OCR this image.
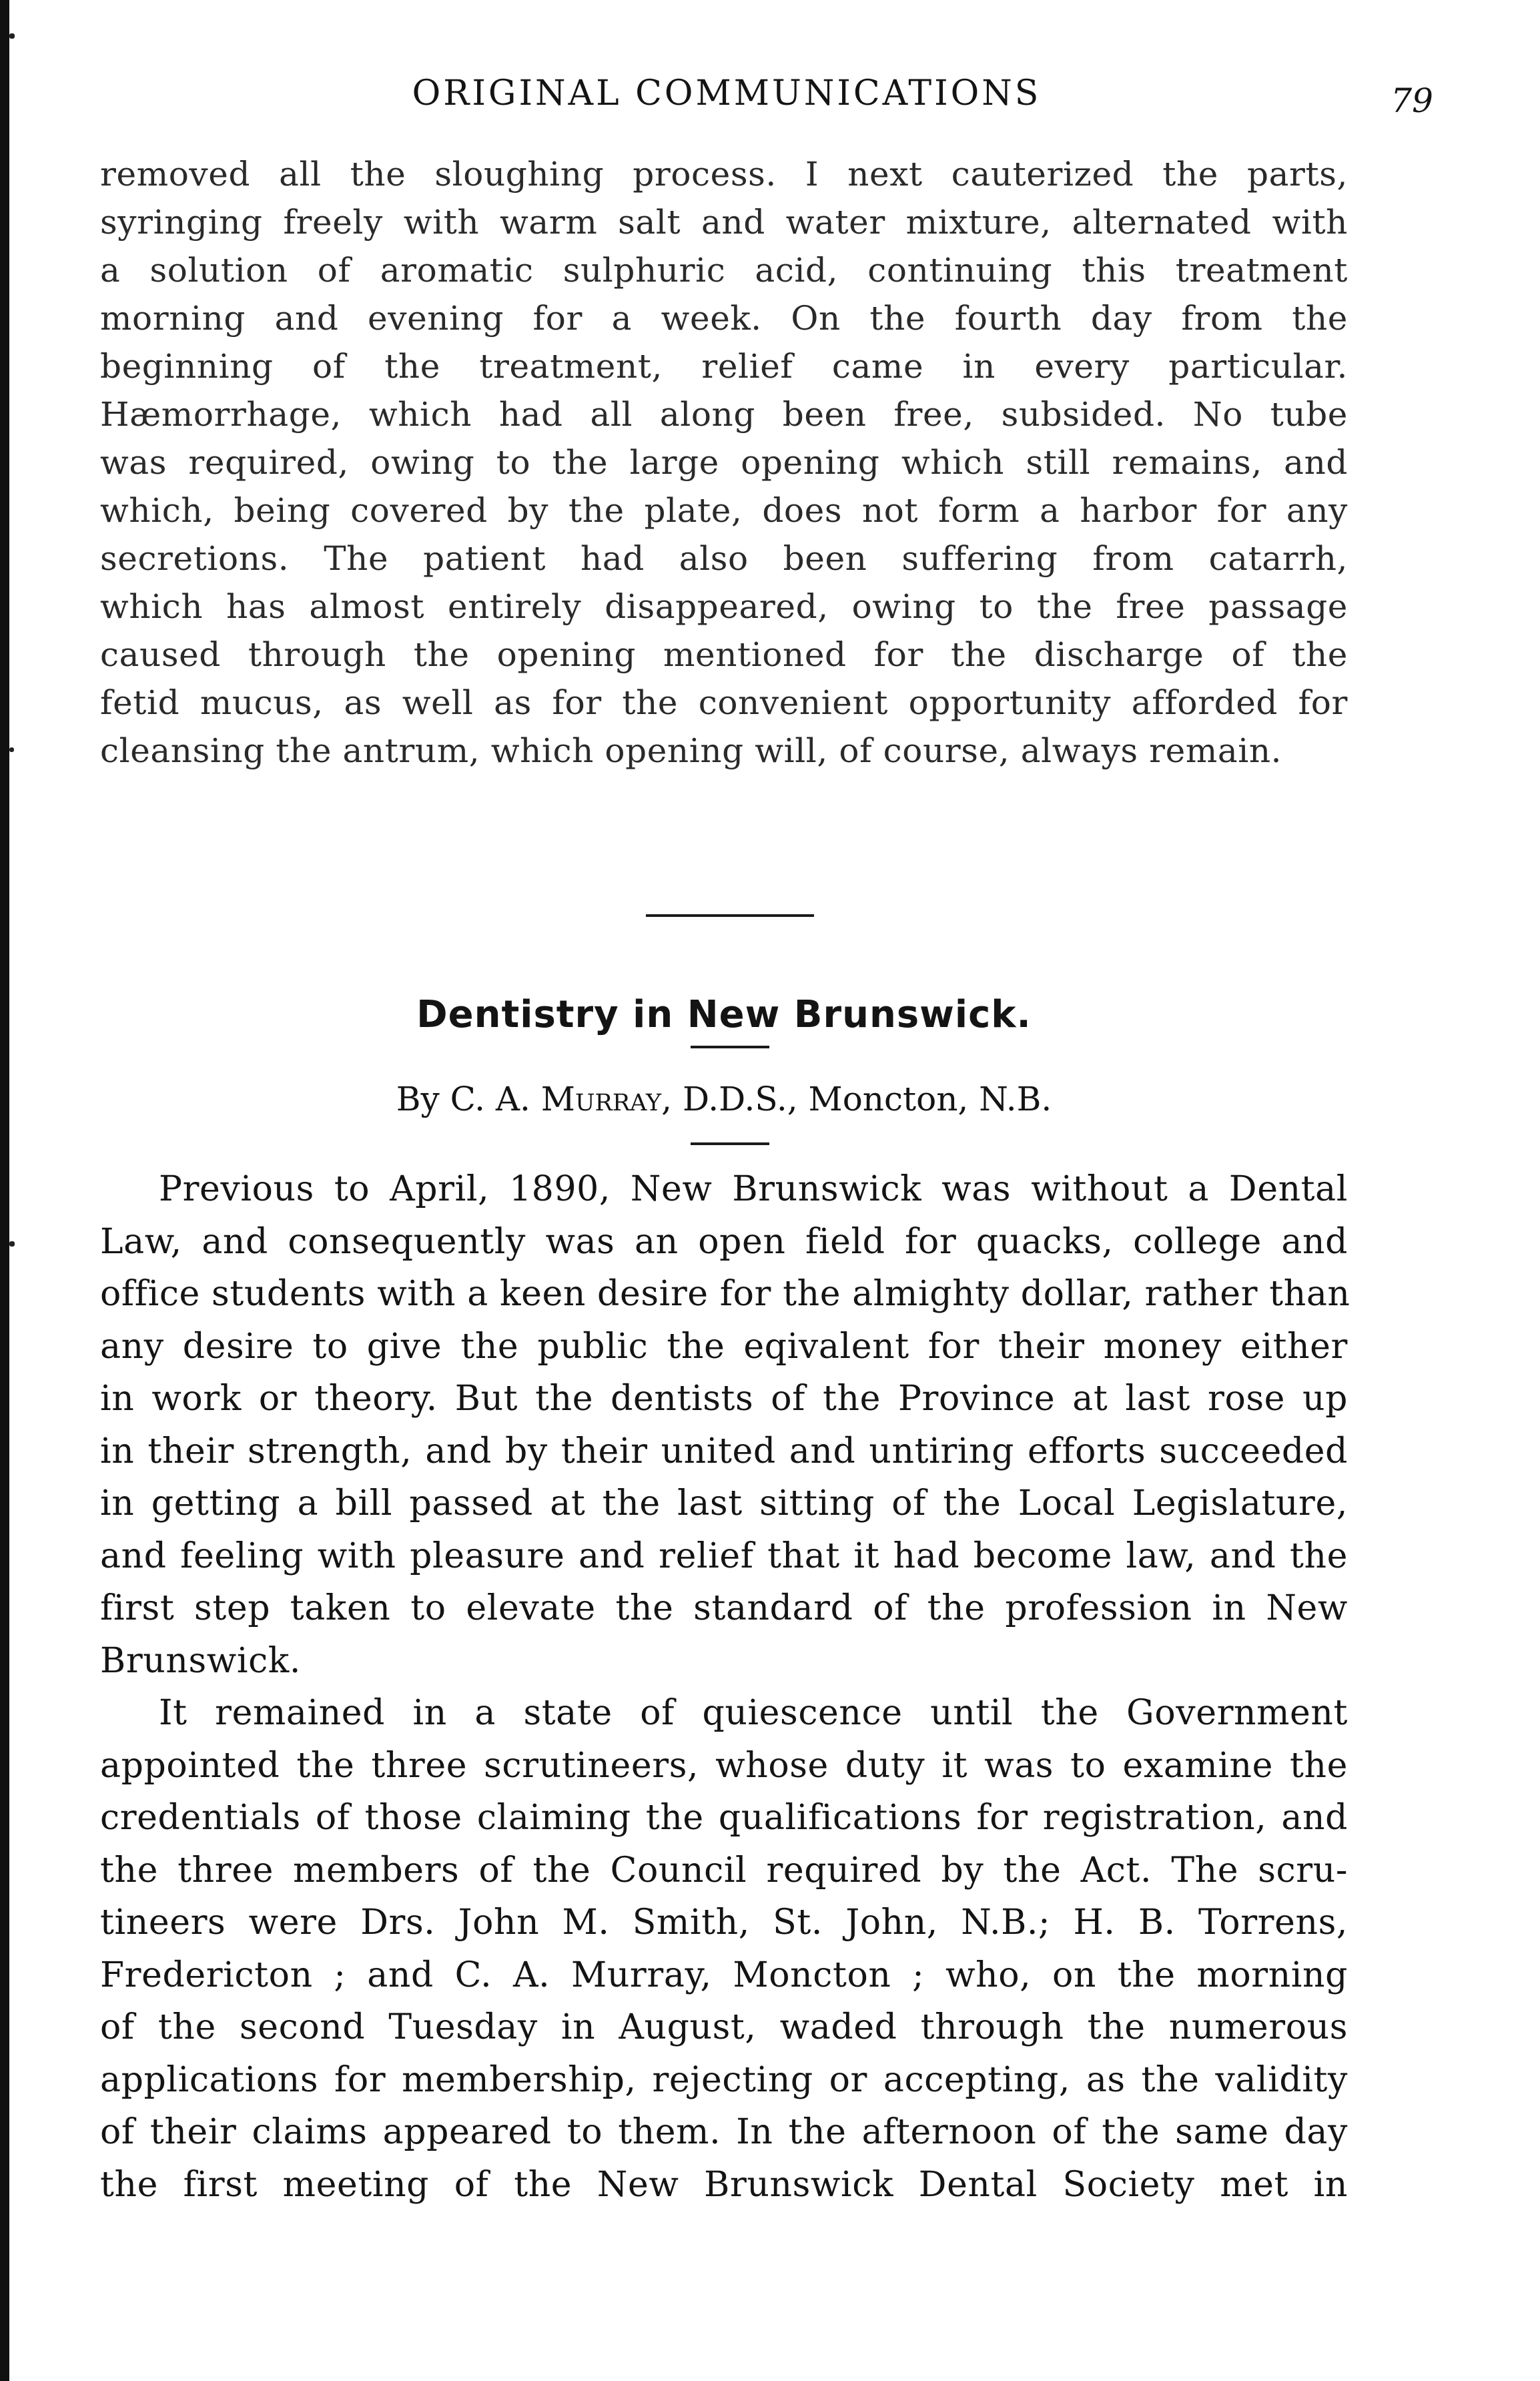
ORIGINAL COMMUNICATIONS	79
removed all the sloughing process. I next cauterized the parts,
syringing freely with warm salt and water mixture, alternated with
a solution of aromatic sulphuric acid, continuing this treatment
morning and evening for a week. On the fourth day from the
beginning of the treatment, relief came in every particular.
Hæmorrhage, which had all along been free, subsided. No tube
was required, owing to the large opening which still remains, and
which, being covered by the plate, does not form a harbor for any
secretions. The patient had also been suffering from catarrh,
which has almost entirely disappeared, owing to the free passage
caused through the opening mentioned for the discharge of the
fetid mucus, as well as for the convenient opportunity afforded for
cleansing the antrum, which opening will, of course, always remain.
Dentistry in New Brunswick.
By C. A. Murray, D.D.S., Moncton, N.B.
Previous to April, 1890, New Brunswick was without a Dental
Law, and consequently was an open field for quacks, college and
office students with a keen desire for the almighty dollar, rather than
any desire to give the public the eqivalent for their money either
in work or theory. But the dentists of the Province at last rose up
in their strength, and by their united and untiring efforts succeeded
in getting a bill passed at the last sitting of the Local Legislature,
and feeling with pleasure and relief that it had become law, and the
first step taken to elevate the standard of the profession in New
Brunswick.
It remained in a state of quiescence until the Government
appointed the three scrutineers, whose duty it was to examine the
credentials of those claiming the qualifications for registration, and
the three members of the Council required by the Act. The scru-
tineers were Drs. John M. Smith, St. John, N.B.; H. B. Torrens,
Fredericton ; and C. A. Murray, Moncton ; who, on the morning
of the second Tuesday in August, waded through the numerous
applications for membership, rejecting or accepting, as the validity
of their claims appeared to them. In the afternoon of the same day
the first meeting of the New Brunswick Dental Society met in
